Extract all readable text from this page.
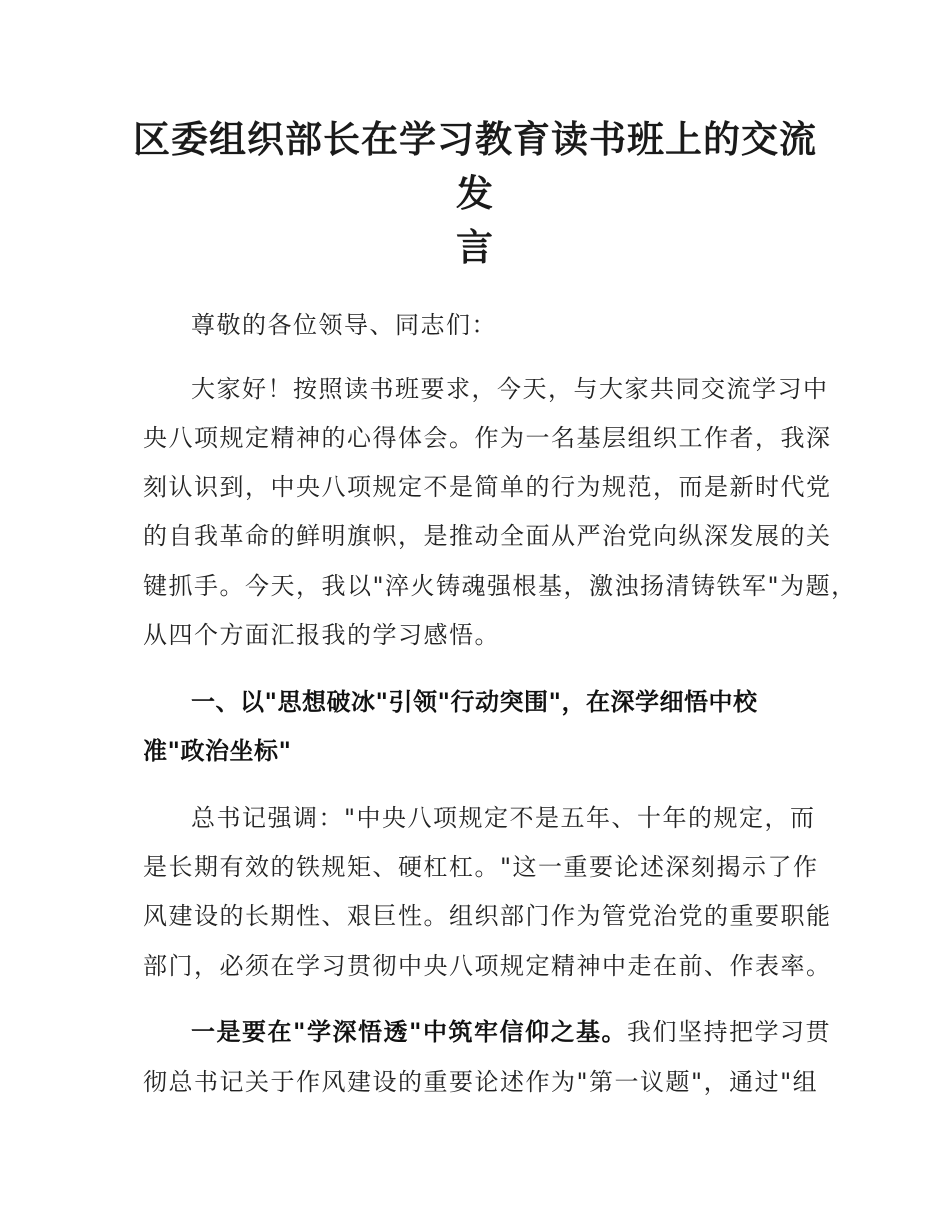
区委组织部长在学习教育读书班上的交流发
言
尊敬的各位领导、同志们：
大家好！按照读书班要求，今天，与大家共同交流学习中
央八项规定精神的心得体会。作为一名基层组织工作者，我深
刻认识到，中央八项规定不是简单的行为规范，而是新时代党
的自我革命的鲜明旗帜，是推动全面从严治党向纵深发展的关
键抓手。今天，我以"淬火铸魂强根基，激浊扬清铸铁军"为题，
从四个方面汇报我的学习感悟。
一、以"思想破冰"引领"行动突围"，在深学细悟中校
准"政治坐标"
总书记强调："中央八项规定不是五年、十年的规定，而
是长期有效的铁规矩、硬杠杠。"这一重要论述深刻揭示了作
风建设的长期性、艰巨性。组织部门作为管党治党的重要职能
部门，必须在学习贯彻中央八项规定精神中走在前、作表率。
一是要在"学深悟透"中筑牢信仰之基。我们坚持把学习贯
彻总书记关于作风建设的重要论述作为"第一议题"，通过"组
